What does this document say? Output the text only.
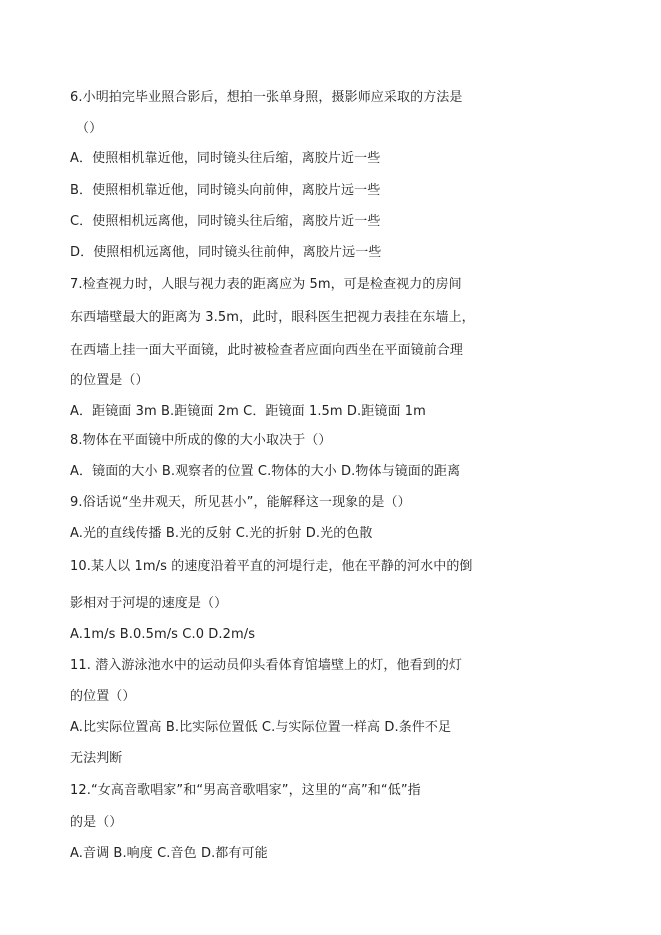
6.小明拍完毕业照合影后，想拍一张单身照，摄影师应采取的方法是
（）
A．使照相机靠近他，同时镜头往后缩，离胶片近一些
B．使照相机靠近他，同时镜头向前伸，离胶片远一些
C．使照相机远离他，同时镜头往后缩，离胶片近一些
D．使照相机远离他，同时镜头往前伸，离胶片远一些
7.检查视力时，人眼与视力表的距离应为 5m，可是检查视力的房间
东西墙壁最大的距离为 3.5m，此时，眼科医生把视力表挂在东墙上，
在西墙上挂一面大平面镜，此时被检查者应面向西坐在平面镜前合理
的位置是（）
A．距镜面 3m B.距镜面 2m C．距镜面 1.5m D.距镜面 1m
8.物体在平面镜中所成的像的大小取决于（）
A．镜面的大小 B.观察者的位置 C.物体的大小 D.物体与镜面的距离
9.俗话说“坐井观天，所见甚小”，能解释这一现象的是（）
A.光的直线传播 B.光的反射 C.光的折射 D.光的色散
10.某人以 1m/s 的速度沿着平直的河堤行走，他在平静的河水中的倒
影相对于河堤的速度是（）
A.1m/s B.0.5m/s C.0 D.2m/s
11. 潜入游泳池水中的运动员仰头看体育馆墙壁上的灯，他看到的灯
的位置（）
A.比实际位置高 B.比实际位置低 C.与实际位置一样高 D.条件不足
无法判断
12.“女高音歌唱家”和“男高音歌唱家”，这里的“高”和“低”指
的是（）
A.音调 B.响度 C.音色 D.都有可能
